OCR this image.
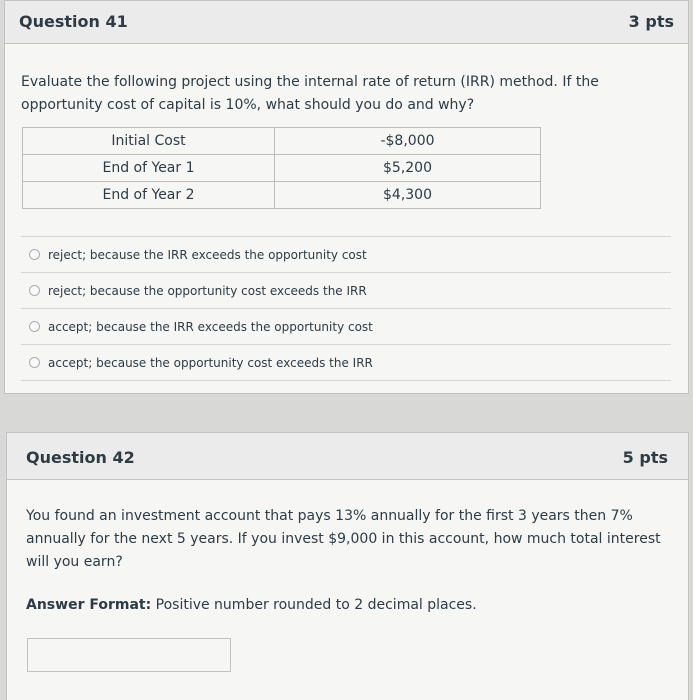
Question 41	3 pts
Evaluate the following project using the internal rate of return (IRR) method. If the opportunity cost of capital is 10%, what should you do and why?
Initial Cost	-$8,000
End of Year 1	$5,200
End of Year 2	$4,300
reject; because the IRR exceeds the opportunity cost
reject; because the opportunity cost exceeds the IRR
accept; because the IRR exceeds the opportunity cost
accept; because the opportunity cost exceeds the IRR
Question 42	5 pts
You found an investment account that pays 13% annually for the first 3 years then 7% annually for the next 5 years. If you invest $9,000 in this account, how much total interest will you earn?
Answer Format: Positive number rounded to 2 decimal places.
